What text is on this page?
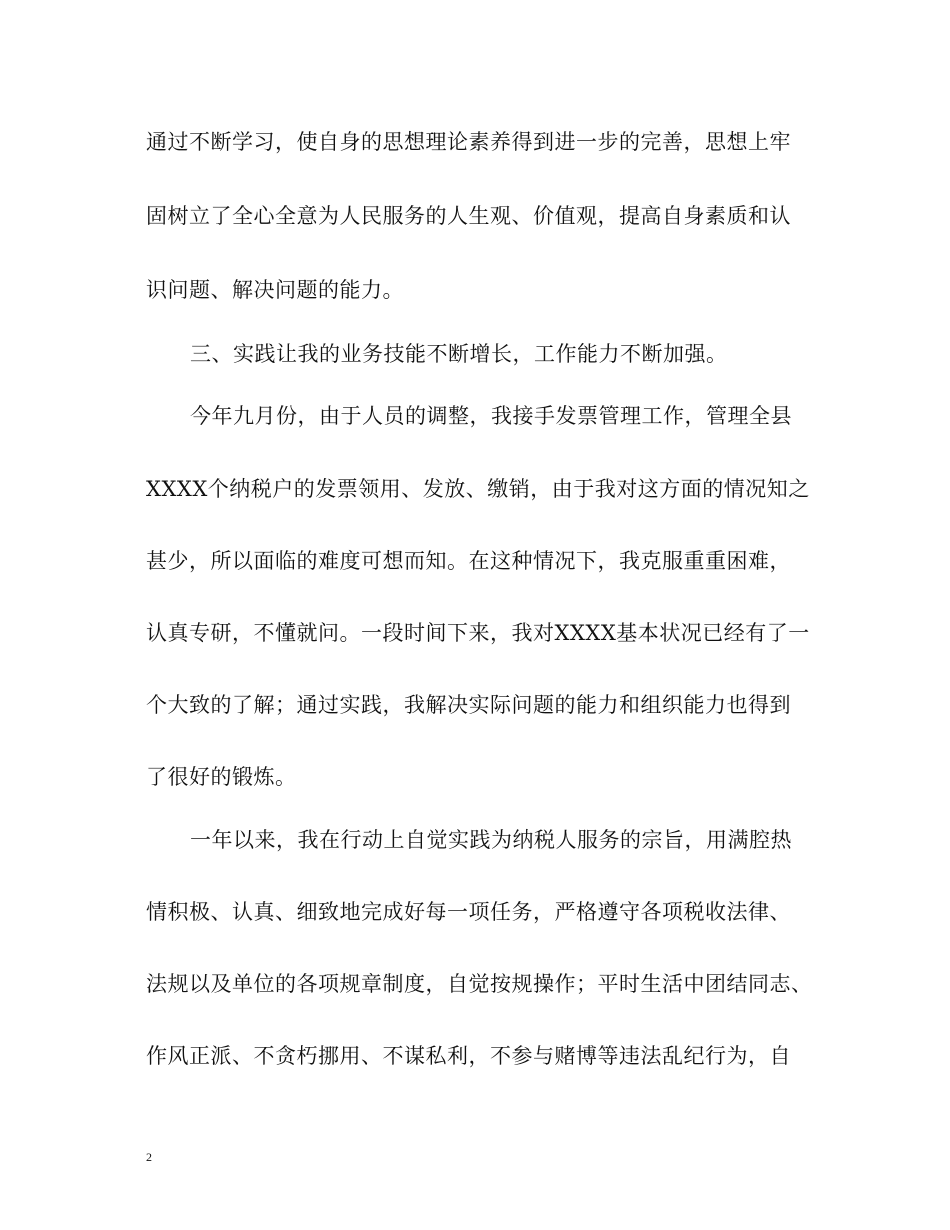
通过不断学习，使自身的思想理论素养得到进一步的完善，思想上牢
固树立了全心全意为人民服务的人生观、价值观，提高自身素质和认
识问题、解决问题的能力。
三、实践让我的业务技能不断增长，工作能力不断加强。
今年九月份，由于人员的调整，我接手发票管理工作，管理全县
XXXX个纳税户的发票领用、发放、缴销，由于我对这方面的情况知之
甚少，所以面临的难度可想而知。在这种情况下，我克服重重困难，
认真专研，不懂就问。一段时间下来，我对XXXX基本状况已经有了一
个大致的了解；通过实践，我解决实际问题的能力和组织能力也得到
了很好的锻炼。
一年以来，我在行动上自觉实践为纳税人服务的宗旨，用满腔热
情积极、认真、细致地完成好每一项任务，严格遵守各项税收法律、
法规以及单位的各项规章制度，自觉按规操作；平时生活中团结同志、
作风正派、不贪朽挪用、不谋私利，不参与赌博等违法乱纪行为，自
2
